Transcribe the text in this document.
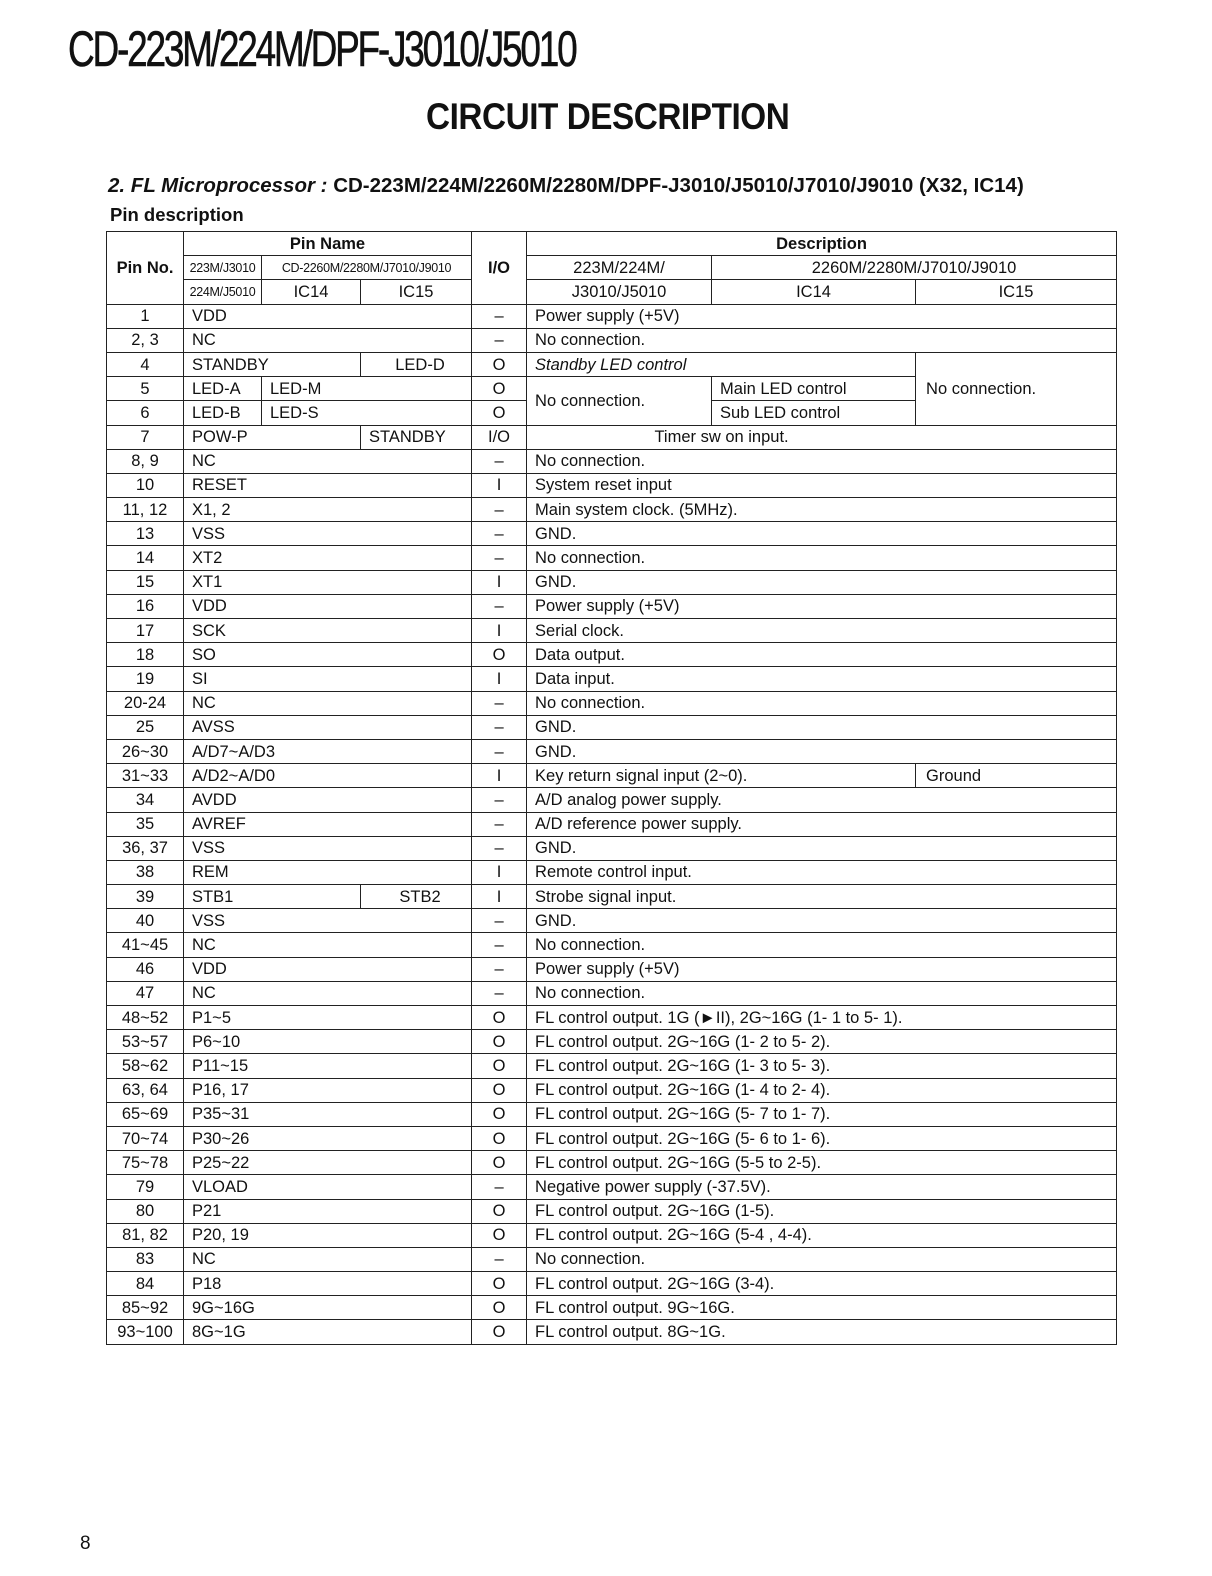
CD-223M/224M/DPF-J3010/J5010
CIRCUIT DESCRIPTION
2. FL Microprocessor : CD-223M/224M/2260M/2280M/DPF-J3010/J5010/J7010/J9010 (X32, IC14)
Pin description
Pin No.	Pin Name			I/O	Description		
	223M/J3010	CD-2260M/2280M/J7010/J9010			223M/224M/	2260M/2280M/J7010/J9010	
	224M/J5010	IC14	IC15		J3010/J5010	IC14	IC15
1	VDD			–	Power supply (+5V)		
2, 3	NC			–	No connection.		
4	STANDBY		LED-D	O	Standby LED control		No connection.
5	LED-A	LED-M		O	No connection.	Main LED control	
6	LED-B	LED-S		O		Sub LED control	
7	POW-P		STANDBY	I/O	Timer sw on input.		
8, 9	NC			–	No connection.		
10	RESET			I	System reset input		
11, 12	X1, 2			–	Main system clock. (5MHz).		
13	VSS			–	GND.		
14	XT2			–	No connection.		
15	XT1			I	GND.		
16	VDD			–	Power supply (+5V)		
17	SCK			I	Serial clock.		
18	SO			O	Data output.		
19	SI			I	Data input.		
20-24	NC			–	No connection.		
25	AVSS			–	GND.		
26~30	A/D7~A/D3			–	GND.		
31~33	A/D2~A/D0			I	Key return signal input (2~0).		Ground
34	AVDD			–	A/D analog power supply.		
35	AVREF			–	A/D reference power supply.		
36, 37	VSS			–	GND.		
38	REM			I	Remote control input.		
39	STB1		STB2	I	Strobe signal input.		
40	VSS			–	GND.		
41~45	NC			–	No connection.		
46	VDD			–	Power supply (+5V)		
47	NC			–	No connection.		
48~52	P1~5			O	FL control output. 1G (►II), 2G~16G (1- 1 to 5- 1).		
53~57	P6~10			O	FL control output. 2G~16G (1- 2 to 5- 2).		
58~62	P11~15			O	FL control output. 2G~16G (1- 3 to 5- 3).		
63, 64	P16, 17			O	FL control output. 2G~16G (1- 4 to 2- 4).		
65~69	P35~31			O	FL control output. 2G~16G (5- 7 to 1- 7).		
70~74	P30~26			O	FL control output. 2G~16G (5- 6 to 1- 6).		
75~78	P25~22			O	FL control output. 2G~16G (5-5 to 2-5).		
79	VLOAD			–	Negative power supply (-37.5V).		
80	P21			O	FL control output. 2G~16G (1-5).		
81, 82	P20, 19			O	FL control output. 2G~16G (5-4 , 4-4).		
83	NC			–	No connection.		
84	P18			O	FL control output. 2G~16G (3-4).		
85~92	9G~16G			O	FL control output. 9G~16G.		
93~100	8G~1G			O	FL control output. 8G~1G.		
8
